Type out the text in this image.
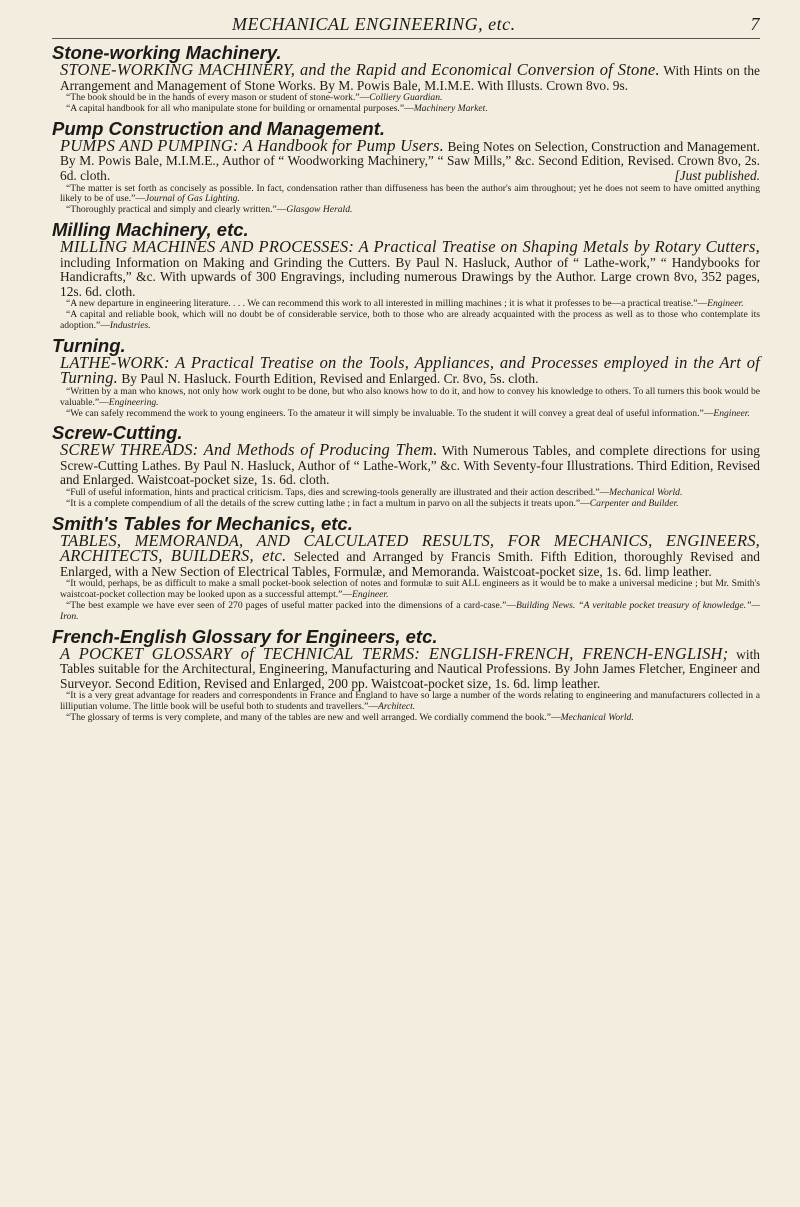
MECHANICAL ENGINEERING, etc.	7

Stone-working Machinery.

STONE-WORKING MACHINERY, and the Rapid and Economical Conversion of Stone. With Hints on the Arrangement and Management of Stone Works. By M. Powis Bale, M.I.M.E. With Illusts. Crown 8vo. 9s.

“The book should be in the hands of every mason or student of stone-work.”—Colliery Guardian.

“A capital handbook for all who manipulate stone for building or ornamental purposes.”—Machinery Market.

Pump Construction and Management.

PUMPS AND PUMPING: A Handbook for Pump Users. Being Notes on Selection, Construction and Management. By M. Powis Bale, M.I.M.E., Author of “ Woodworking Machinery,” “ Saw Mills,” &c. Second Edition, Revised. Crown 8vo, 2s. 6d. cloth.	[Just published.

“The matter is set forth as concisely as possible. In fact, condensation rather than diffuseness has been the author's aim throughout; yet he does not seem to have omitted anything likely to be of use.”—Journal of Gas Lighting.

“Thoroughly practical and simply and clearly written.”—Glasgow Herald.

Milling Machinery, etc.

MILLING MACHINES AND PROCESSES: A Practical Treatise on Shaping Metals by Rotary Cutters, including Information on Making and Grinding the Cutters. By Paul N. Hasluck, Author of “ Lathe-work,” “ Handybooks for Handicrafts,” &c. With upwards of 300 Engravings, including numerous Drawings by the Author. Large crown 8vo, 352 pages, 12s. 6d. cloth.

“A new departure in engineering literature. . . . We can recommend this work to all interested in milling machines ; it is what it professes to be—a practical treatise.”—Engineer.

“A capital and reliable book, which will no doubt be of considerable service, both to those who are already acquainted with the process as well as to those who contemplate its adoption.”—Industries.

Turning.

LATHE-WORK: A Practical Treatise on the Tools, Appliances, and Processes employed in the Art of Turning. By Paul N. Hasluck. Fourth Edition, Revised and Enlarged. Cr. 8vo, 5s. cloth.

“Written by a man who knows, not only how work ought to be done, but who also knows how to do it, and how to convey his knowledge to others. To all turners this book would be valuable.”—Engineering.

“We can safely recommend the work to young engineers. To the amateur it will simply be invaluable. To the student it will convey a great deal of useful information.”—Engineer.

Screw-Cutting.

SCREW THREADS: And Methods of Producing Them. With Numerous Tables, and complete directions for using Screw-Cutting Lathes. By Paul N. Hasluck, Author of “ Lathe-Work,” &c. With Seventy-four Illustrations. Third Edition, Revised and Enlarged. Waistcoat-pocket size, 1s. 6d. cloth.

“Full of useful information, hints and practical criticism. Taps, dies and screwing-tools generally are illustrated and their action described.”—Mechanical World.

“It is a complete compendium of all the details of the screw cutting lathe ; in fact a multum in parvo on all the subjects it treats upon.”—Carpenter and Builder.

Smith's Tables for Mechanics, etc.

TABLES, MEMORANDA, AND CALCULATED RESULTS, FOR MECHANICS, ENGINEERS, ARCHITECTS, BUILDERS, etc. Selected and Arranged by Francis Smith. Fifth Edition, thoroughly Revised and Enlarged, with a New Section of Electrical Tables, Formulæ, and Memoranda. Waistcoat-pocket size, 1s. 6d. limp leather.

“It would, perhaps, be as difficult to make a small pocket-book selection of notes and formulæ to suit ALL engineers as it would be to make a universal medicine ; but Mr. Smith's waistcoat-pocket collection may be looked upon as a successful attempt.”—Engineer.

“The best example we have ever seen of 270 pages of useful matter packed into the dimensions of a card-case.”—Building News. “A veritable pocket treasury of knowledge.”—Iron.

French-English Glossary for Engineers, etc.

A POCKET GLOSSARY of TECHNICAL TERMS: ENGLISH-FRENCH, FRENCH-ENGLISH; with Tables suitable for the Architectural, Engineering, Manufacturing and Nautical Professions. By John James Fletcher, Engineer and Surveyor. Second Edition, Revised and Enlarged, 200 pp. Waistcoat-pocket size, 1s. 6d. limp leather.

“It is a very great advantage for readers and correspondents in France and England to have so large a number of the words relating to engineering and manufacturers collected in a lilliputian volume. The little book will be useful both to students and travellers.”—Architect.

“The glossary of terms is very complete, and many of the tables are new and well arranged. We cordially commend the book.”—Mechanical World.
